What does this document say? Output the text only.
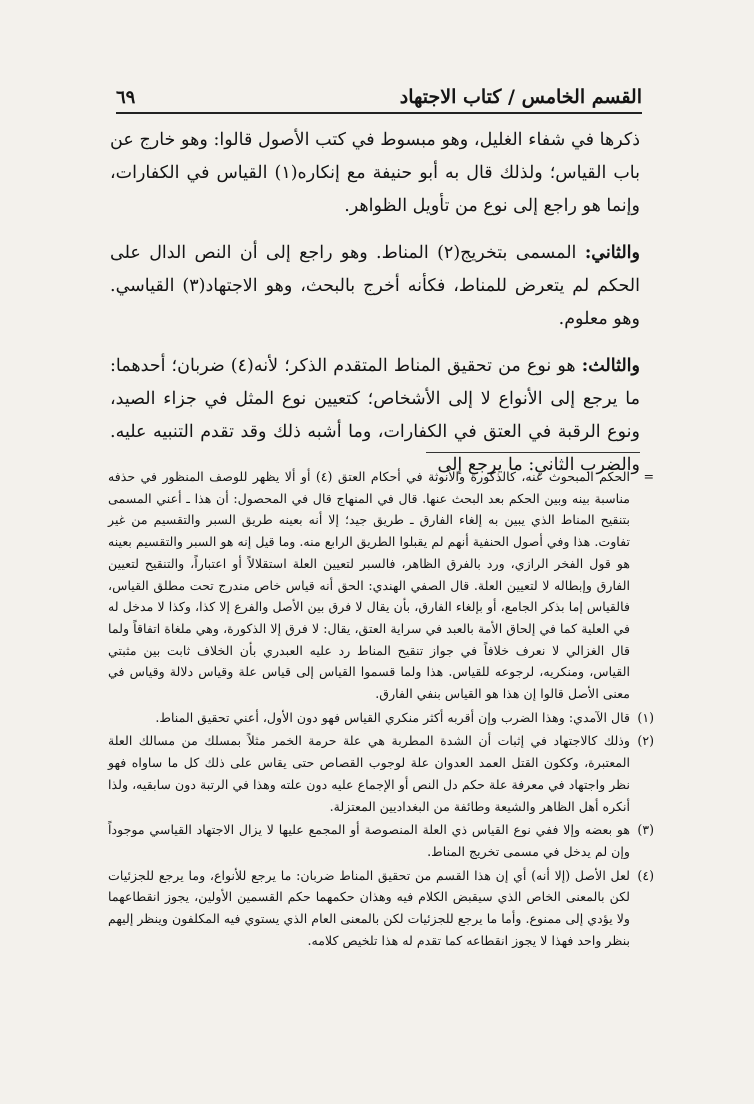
القسم الخامس / كتاب الاجتهاد
٦٩

ذكرها في شفاء الغليل، وهو مبسوط في كتب الأصول قالوا: وهو خارج عن باب القياس؛ ولذلك قال به أبو حنيفة مع إنكاره(١) القياس في الكفارات، وإنما هو راجع إلى نوع من تأويل الظواهر.

والثاني: المسمى بتخريج(٢) المناط. وهو راجع إلى أن النص الدال على الحكم لم يتعرض للمناط، فكأنه أخرج بالبحث، وهو الاجتهاد(٣) القياسي. وهو معلوم.

والثالث: هو نوع من تحقيق المناط المتقدم الذكر؛ لأنه(٤) ضربان؛ أحدهما: ما يرجع إلى الأنواع لا إلى الأشخاص؛ كتعيين نوع المثل في جزاء الصيد، ونوع الرقبة في العتق في الكفارات، وما أشبه ذلك وقد تقدم التنبيه عليه. والضرب الثاني: ما يرجع إلى

=
الحكم المبحوث عنه، كالذكورة والأنوثة في أحكام العتق (٤) أو ألا يظهر للوصف المنظور في حذفه مناسبة بينه وبين الحكم بعد البحث عنها. قال في المنهاج قال في المحصول: أن هذا ـ أعني المسمى بتنقيح المناط الذي يبين به إلغاء الفارق ـ طريق جيد؛ إلا أنه بعينه طريق السبر والتقسيم من غير تفاوت. هذا وفي أصول الحنفية أنهم لم يقبلوا الطريق الرابع منه. وما قيل إنه هو السبر والتقسيم بعينه هو قول الفخر الرازي، ورد بالفرق الظاهر، فالسبر لتعيين العلة استقلالاً أو اعتباراً، والتنقيح لتعيين الفارق وإبطاله لا لتعيين العلة. قال الصفي الهندي: الحق أنه قياس خاص مندرج تحت مطلق القياس، فالقياس إما بذكر الجامع، أو بإلغاء الفارق، بأن يقال لا فرق بين الأصل والفرع إلا كذا، وكذا لا مدخل له في العلية كما في إلحاق الأمة بالعبد في سراية العتق، يقال: لا فرق إلا الذكورة، وهي ملغاة اتفاقاً ولما قال الغزالي لا نعرف خلافاً في جواز تنقيح المناط رد عليه العبدري بأن الخلاف ثابت بين مثبتي القياس، ومنكريه، لرجوعه للقياس. هذا ولما قسموا القياس إلى قياس علة وقياس دلالة وقياس في معنى الأصل قالوا إن هذا هو القياس بنفي الفارق.
(١)
قال الآمدي: وهذا الضرب وإن أقربه أكثر منكري القياس فهو دون الأول، أعني تحقيق المناط.
(٢)
وذلك كالاجتهاد في إثبات أن الشدة المطربة هي علة حرمة الخمر مثلاً بمسلك من مسالك العلة المعتبرة، وككون القتل العمد العدوان علة لوجوب القصاص حتى يقاس على ذلك كل ما ساواه فهو نظر واجتهاد في معرفة علة حكم دل النص أو الإجماع عليه دون علته وهذا في الرتبة دون سابقيه، ولذا أنكره أهل الظاهر والشيعة وطائفة من البغداديين المعتزلة.
(٣)
هو بعضه وإلا ففي نوع القياس ذي العلة المنصوصة أو المجمع عليها لا يزال الاجتهاد القياسي موجوداً وإن لم يدخل في مسمى تخريج المناط.
(٤)
لعل الأصل (إلا أنه) أي إن هذا القسم من تحقيق المناط ضربان: ما يرجع للأنواع، وما يرجع للجزئيات لكن بالمعنى الخاص الذي سيقبض الكلام فيه وهذان حكمهما حكم القسمين الأولين، يجوز انقطاعهما ولا يؤدي إلى ممنوع. وأما ما يرجع للجزئيات لكن بالمعنى العام الذي يستوي فيه المكلفون وينظر إليهم بنظر واحد فهذا لا يجوز انقطاعه كما تقدم له هذا تلخيص كلامه.
